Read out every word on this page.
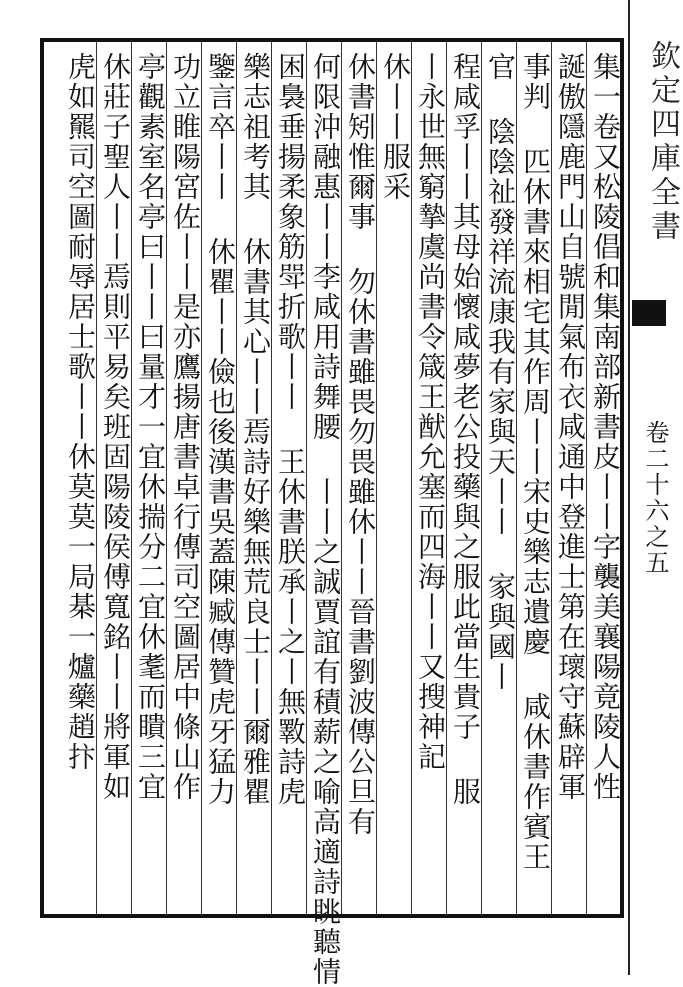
集一卷又松陵倡和集南部新書皮丨丨字襲美襄陽竟陵人性
誕傲隱鹿門山自號閒氣布衣咸通中登進士第在瓌守蘇辟軍
事判 匹休書來相宅其作周丨丨宋史樂志遺慶 咸休書作賓王
官 陰陰祉發祥流康我有家與天丨丨 家與國丨
程咸孚丨丨其母始懷咸夢老公投藥與之服此當生貴子 服
丨永世無窮摯虞尚書令箴王猷允塞而四海丨丨又搜神記
休丨丨服采
休書矧惟爾事 勿休書雖畏勿畏雖休丨丨晉書劉波傳公旦有
何限沖融惠丨丨李咸用詩舞腰 丨丨之誠賈誼有積薪之喻高適詩眺聽情
困裊垂揚柔象筋斝折歌丨丨 王休書朕承丨之丨無斁詩虎
樂志祖考其 休書其心丨丨焉詩好樂無荒良士丨丨爾雅瞿
鑒言卒丨丨 休瞿丨丨儉也後漢書吳蓋陳臧傳贊虎牙猛力
功立睢陽宮佐丨丨是亦鷹揚唐書卓行傳司空圖居中條山作
亭觀素室名亭曰丨丨曰量才一宜休揣分二宜休耄而瞶三宜
休莊子聖人丨丨焉則平易矣班固陽陵侯傅寬銘丨丨將軍如
虎如羆司空圖耐辱居士歌丨丨休莫莫一局棊一爐藥趙抃	欽定四庫全書
卷二十六之五
